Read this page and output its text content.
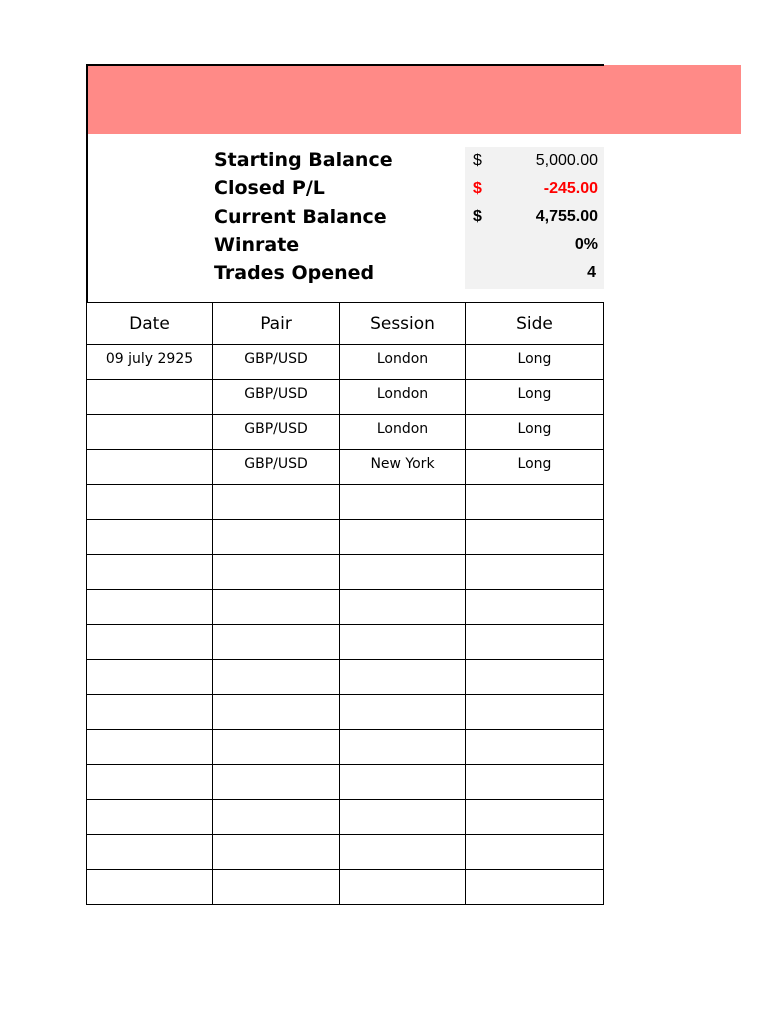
Starting Balance	$	5,000.00
Closed P/L	$	-245.00
Current Balance	$	4,755.00
Winrate	0%
Trades Opened	4
Date	Pair	Session	Side
09 july 2925	GBP/USD	London	Long
	GBP/USD	London	Long
	GBP/USD	London	Long
	GBP/USD	New York	Long
